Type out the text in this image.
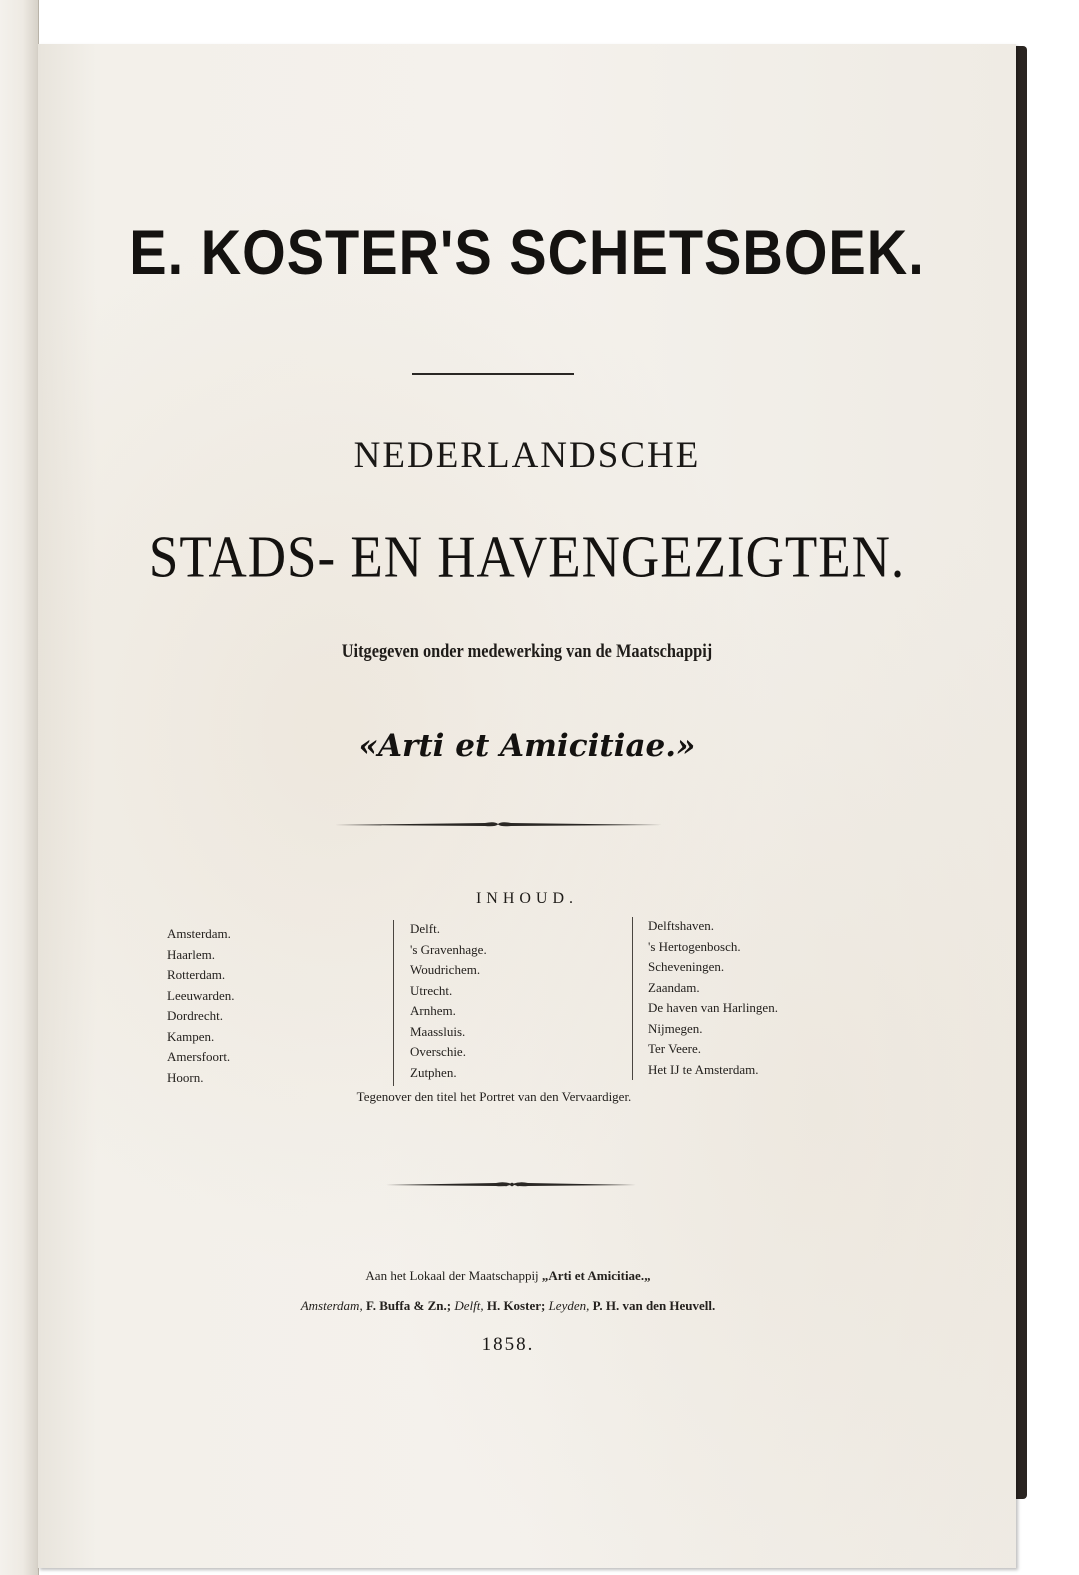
E. KOSTER'S SCHETSBOEK.
NEDERLANDSCHE
STADS- EN HAVENGEZIGTEN.
Uitgegeven onder medewerking van de Maatschappij
«Arti et Amicitiae.»
INHOUD.
Amsterdam.
Haarlem.
Rotterdam.
Leeuwarden.
Dordrecht.
Kampen.
Amersfoort.
Hoorn.
Delft.
's Gravenhage.
Woudrichem.
Utrecht.
Arnhem.
Maassluis.
Overschie.
Zutphen.
Delftshaven.
's Hertogenbosch.
Scheveningen.
Zaandam.
De haven van Harlingen.
Nijmegen.
Ter Veere.
Het IJ te Amsterdam.
Tegenover den titel het Portret van den Vervaardiger.
Aan het Lokaal der Maatschappij „Arti et Amicitiae.„
Amsterdam, F. Buffa & Zn.; Delft, H. Koster; Leyden, P. H. van den Heuvell.
1858.
